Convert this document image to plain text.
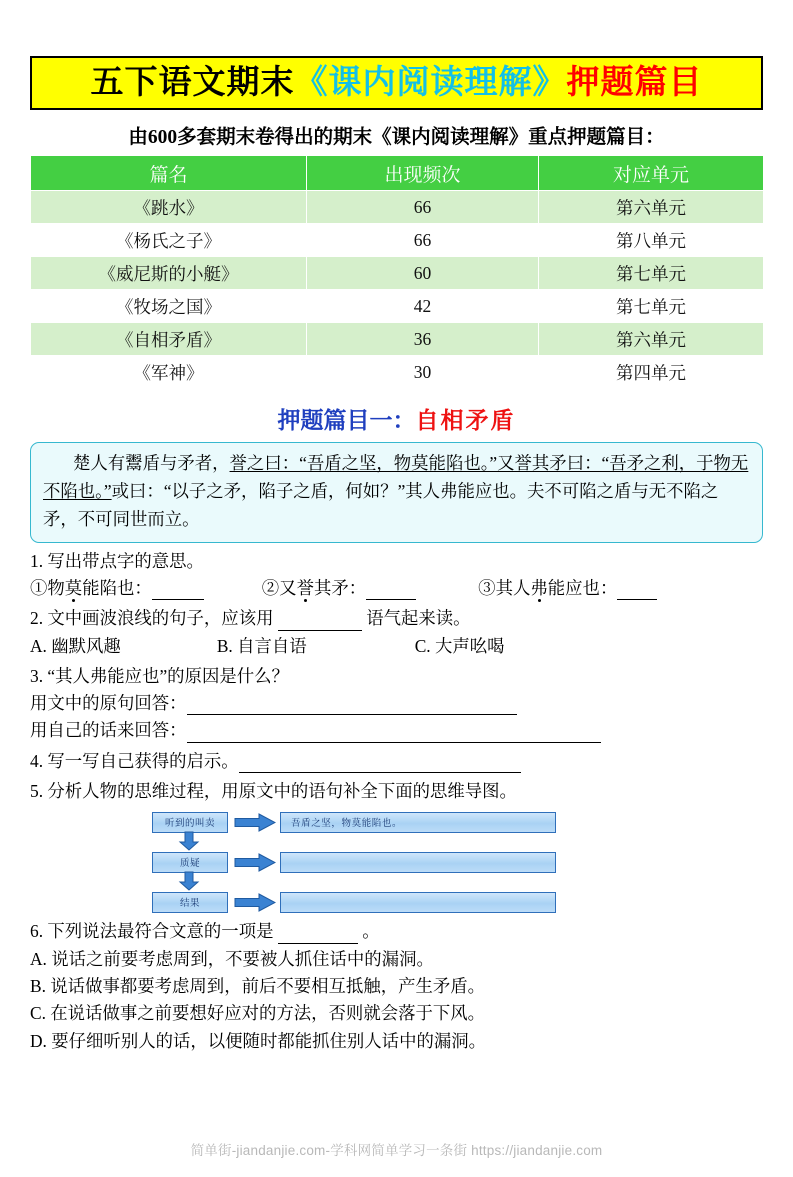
五下语文期末《课内阅读理解》押题篇目
由600多套期末卷得出的期末《课内阅读理解》重点押题篇目：
篇名	出现频次	对应单元
《跳水》	66	第六单元
《杨氏之子》	66	第八单元
《威尼斯的小艇》	60	第七单元
《牧场之国》	42	第七单元
《自相矛盾》	36	第六单元
《军神》	30	第四单元
押题篇目一：自相矛盾
楚人有鬻盾与矛者，誉之曰：“吾盾之坚，物莫能陷也。”又誉其矛曰：“吾矛之利，于物无不陷也。”或曰：“以子之矛，陷子之盾，何如？”其人弗能应也。夫不可陷之盾与无不陷之矛，不可同世而立。
1. 写出带点字的意思。
①物莫能陷也：	②又誉其矛：	③其人弗能应也：
2. 文中画波浪线的句子，应该用	语气起来读。
A. 幽默风趣	B. 自言自语	C. 大声吆喝
3. “其人弗能应也”的原因是什么？
用文中的原句回答：
用自己的话来回答：
4. 写一写自己获得的启示。
5. 分析人物的思维过程，用原文中的语句补全下面的思维导图。
听到的叫卖	吾盾之坚，物莫能陷也。
质疑
结果
6. 下列说法最符合文意的一项是	。
A. 说话之前要考虑周到，不要被人抓住话中的漏洞。
B. 说话做事都要考虑周到，前后不要相互抵触，产生矛盾。
C. 在说话做事之前要想好应对的方法，否则就会落于下风。
D. 要仔细听别人的话，以便随时都能抓住别人话中的漏洞。
简单街-jiandanjie.com-学科网简单学习一条街 https://jiandanjie.com
